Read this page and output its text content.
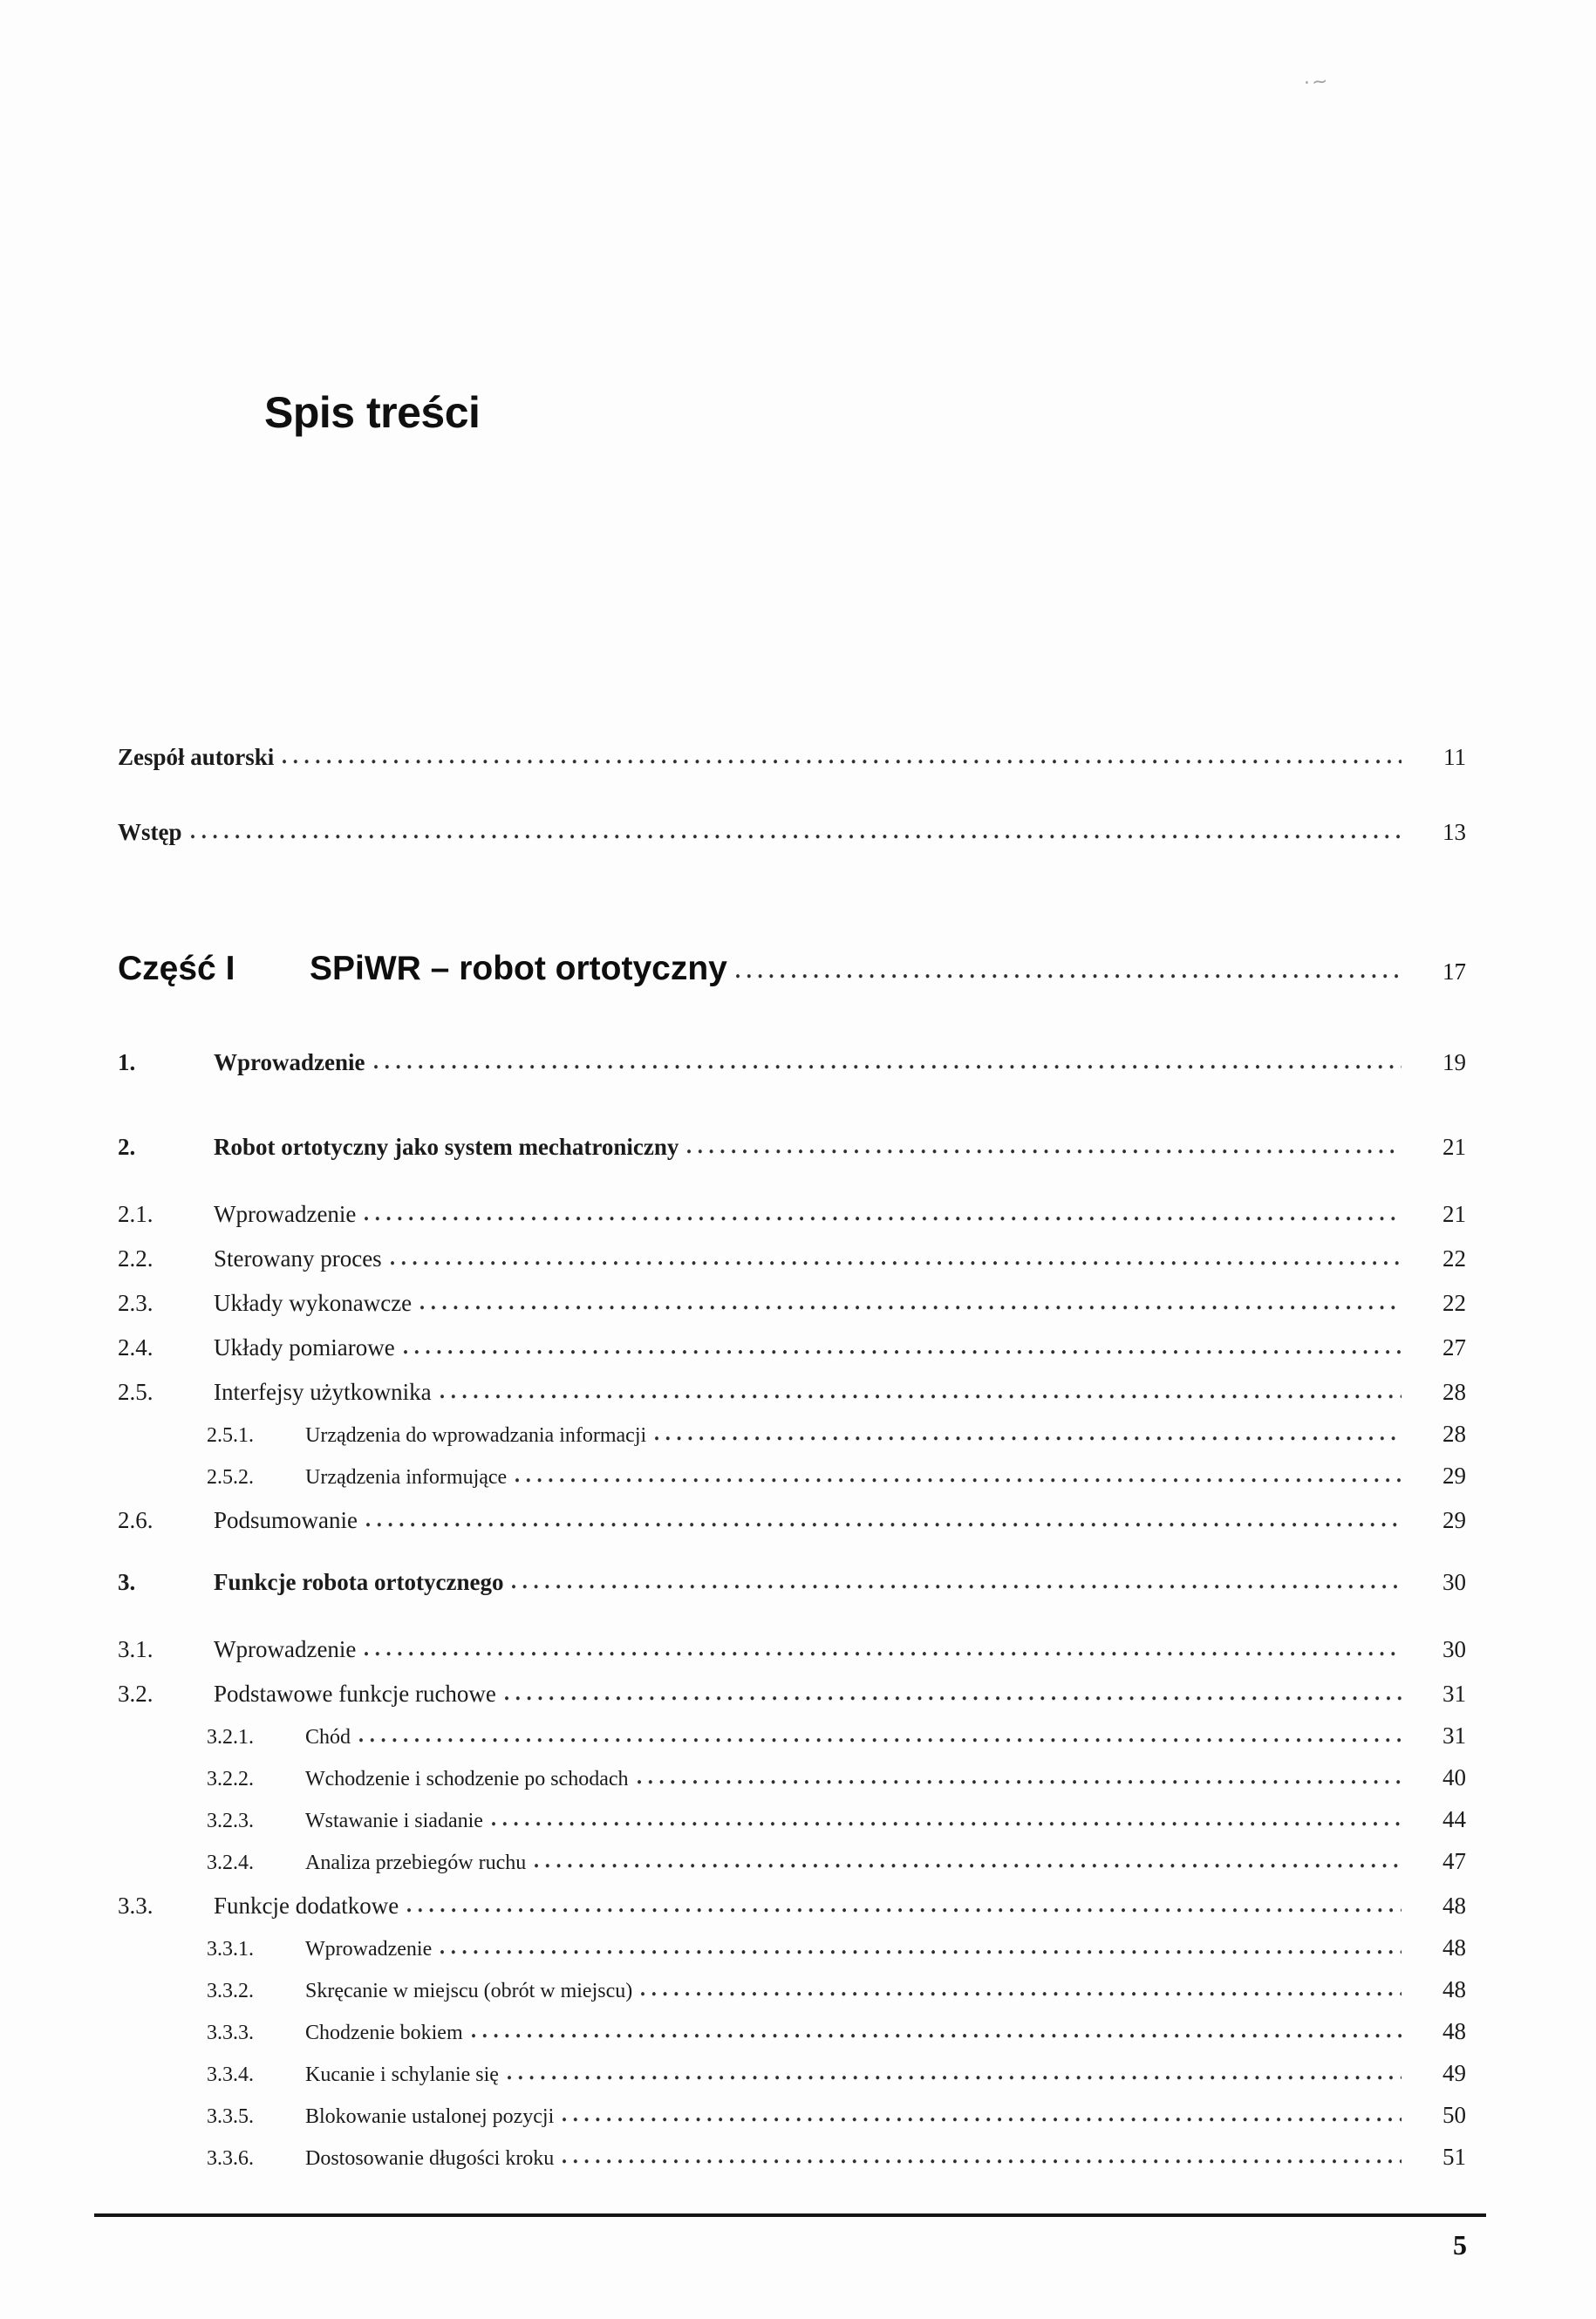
·~
Spis treści
Zespół autorski	11
Wstęp	13
Część I	SPiWR – robot ortotyczny	17
1.	Wprowadzenie	19
2.	Robot ortotyczny jako system mechatroniczny	21
2.1.	Wprowadzenie	21
2.2.	Sterowany proces	22
2.3.	Układy wykonawcze	22
2.4.	Układy pomiarowe	27
2.5.	Interfejsy użytkownika	28
2.5.1.	Urządzenia do wprowadzania informacji	28
2.5.2.	Urządzenia informujące	29
2.6.	Podsumowanie	29
3.	Funkcje robota ortotycznego	30
3.1.	Wprowadzenie	30
3.2.	Podstawowe funkcje ruchowe	31
3.2.1.	Chód	31
3.2.2.	Wchodzenie i schodzenie po schodach	40
3.2.3.	Wstawanie i siadanie	44
3.2.4.	Analiza przebiegów ruchu	47
3.3.	Funkcje dodatkowe	48
3.3.1.	Wprowadzenie	48
3.3.2.	Skręcanie w miejscu (obrót w miejscu)	48
3.3.3.	Chodzenie bokiem	48
3.3.4.	Kucanie i schylanie się	49
3.3.5.	Blokowanie ustalonej pozycji	50
3.3.6.	Dostosowanie długości kroku	51
5
